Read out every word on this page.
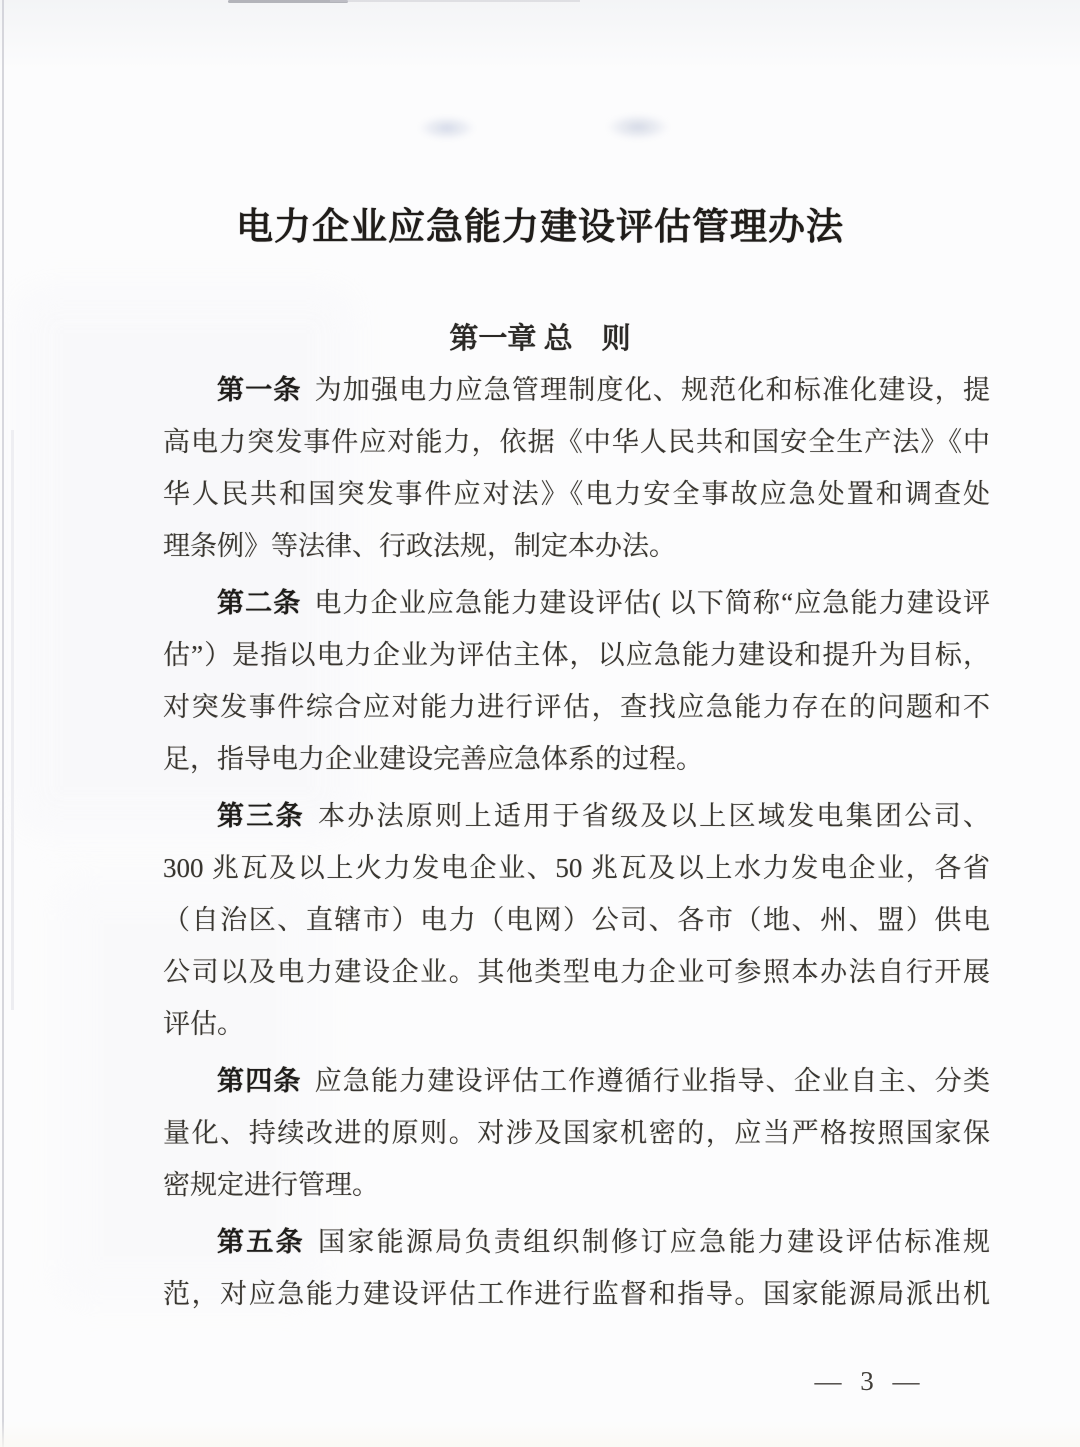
电力企业应急能力建设评估管理办法
第一章 总　则
第一条 为加强电力应急管理制度化、规范化和标准化建设，提
高电力突发事件应对能力，依据《中华人民共和国安全生产法》《中
华人民共和国突发事件应对法》《电力安全事故应急处置和调查处
理条例》等法律、行政法规，制定本办法。
第二条 电力企业应急能力建设评估( 以下简称“应急能力建设评
估”）是指以电力企业为评估主体，以应急能力建设和提升为目标，
对突发事件综合应对能力进行评估，查找应急能力存在的问题和不
足，指导电力企业建设完善应急体系的过程。
第三条 本办法原则上适用于省级及以上区域发电集团公司、
300 兆瓦及以上火力发电企业、50 兆瓦及以上水力发电企业，各省
（自治区、直辖市）电力（电网）公司、各市（地、州、盟）供电
公司以及电力建设企业。其他类型电力企业可参照本办法自行开展
评估。
第四条 应急能力建设评估工作遵循行业指导、企业自主、分类
量化、持续改进的原则。对涉及国家机密的，应当严格按照国家保
密规定进行管理。
第五条 国家能源局负责组织制修订应急能力建设评估标准规
范，对应急能力建设评估工作进行监督和指导。国家能源局派出机
— 3 —
